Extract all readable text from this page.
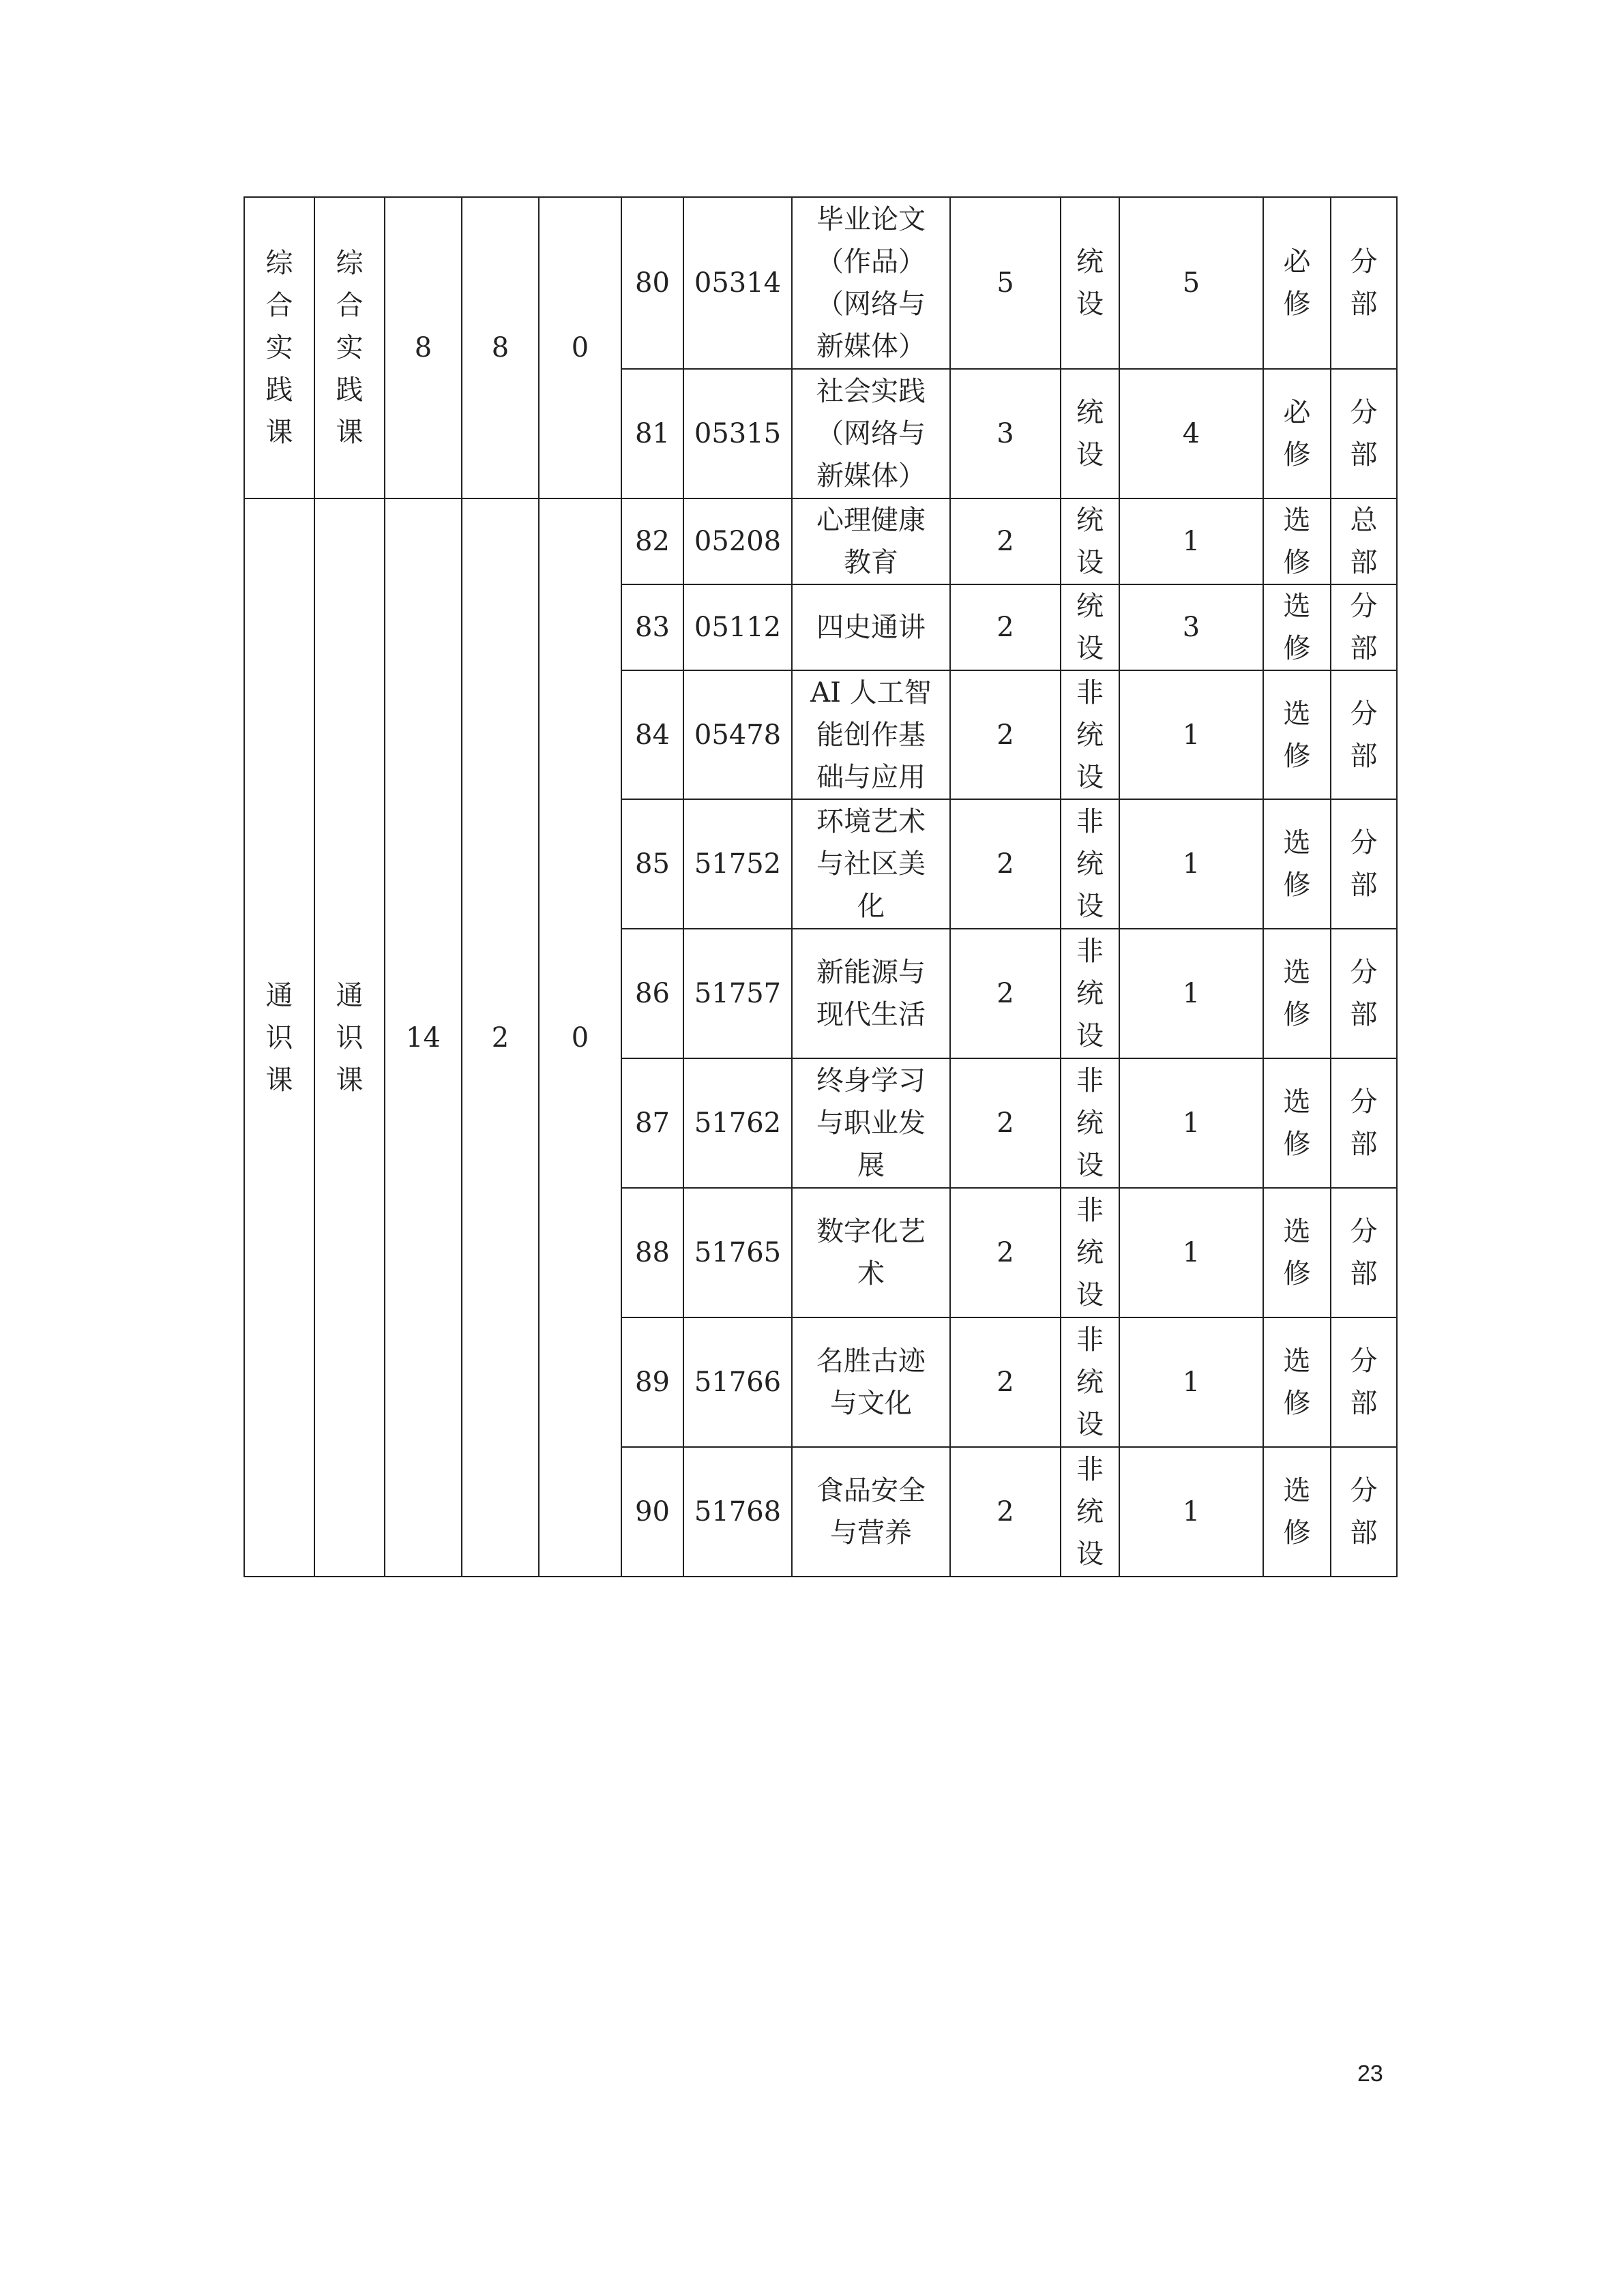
综
合
实
践
课	综
合
实
践
课	8	8	0	80	05314	毕业论文
（作品）
（网络与
新媒体）	5	统
设	5	必
修	分
部
					81	05315	社会实践
（网络与
新媒体）	3	统
设	4	必
修	分
部
通
识
课	通
识
课	14	2	0	82	05208	心理健康
教育	2	统
设	1	选
修	总
部
					83	05112	四史通讲	2	统
设	3	选
修	分
部
					84	05478	AI 人工智
能创作基
础与应用	2	非
统
设	1	选
修	分
部
					85	51752	环境艺术
与社区美
化	2	非
统
设	1	选
修	分
部
					86	51757	新能源与
现代生活	2	非
统
设	1	选
修	分
部
					87	51762	终身学习
与职业发
展	2	非
统
设	1	选
修	分
部
					88	51765	数字化艺
术	2	非
统
设	1	选
修	分
部
					89	51766	名胜古迹
与文化	2	非
统
设	1	选
修	分
部
					90	51768	食品安全
与营养	2	非
统
设	1	选
修	分
部
23
